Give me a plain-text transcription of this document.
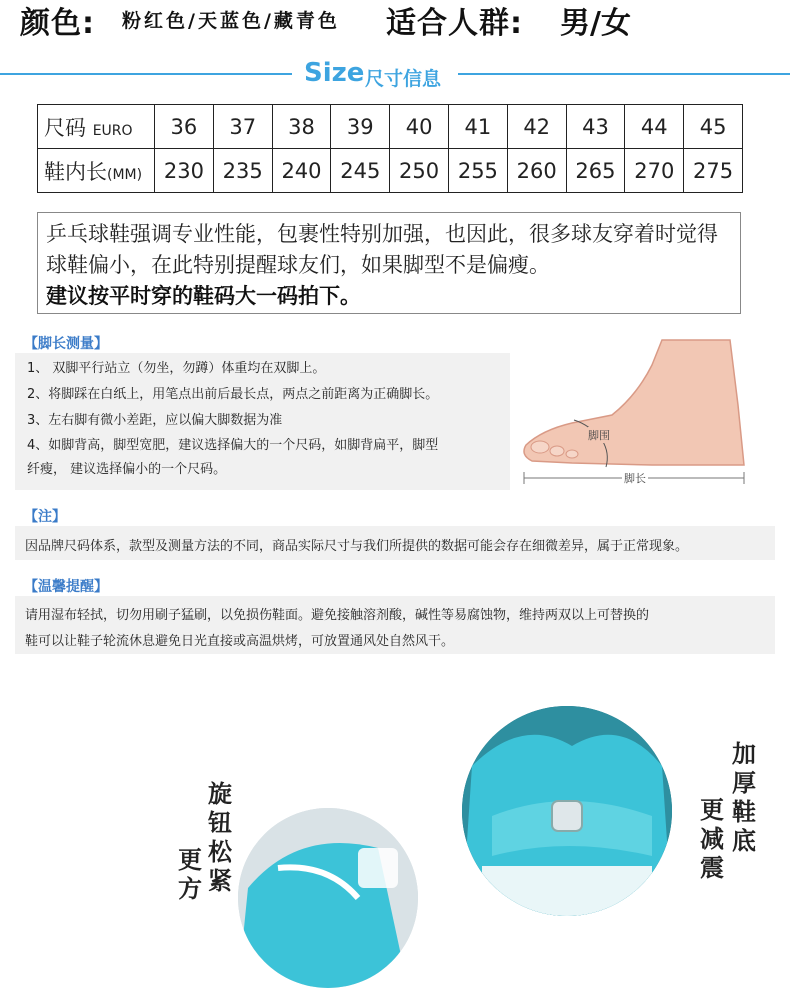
颜色: 粉红色/天蓝色/藏青色 适合人群: 男/女
Size 尺寸信息
尺码 EURO	36	37	38	39	40	41	42	43	44	45
鞋内长(MM)	230	235	240	245	250	255	260	265	270	275

乒乓球鞋强调专业性能，包裹性特别加强，也因此，很多球友穿着时觉得

球鞋偏小，在此特别提醒球友们，如果脚型不是偏瘦。

建议按平时穿的鞋码大一码拍下。

【脚长测量】
1、 双脚平行站立（勿坐，勿蹲）体重均在双脚上。
2、将脚踩在白纸上，用笔点出前后最长点，两点之前距离为正确脚长。
3、左右脚有微小差距，应以偏大脚数据为准
4、如脚背高，脚型宽肥，建议选择偏大的一个尺码，如脚背扁平，脚型
纤瘦， 建议选择偏小的一个尺码。
脚围
脚长
【注】
因品牌尺码体系，款型及测量方法的不同，商品实际尺寸与我们所提供的数据可能会存在细微差异，属于正常现象。
【温馨提醒】
请用湿布轻拭，切勿用刷子猛刷，以免损伤鞋面。避免接触溶剂酸，碱性等易腐蚀物，维持两双以上可替换的
鞋可以让鞋子轮流休息避免日光直接或高温烘烤，可放置通风处自然风干。
旋钮松紧
更方
加厚鞋底
更减震
